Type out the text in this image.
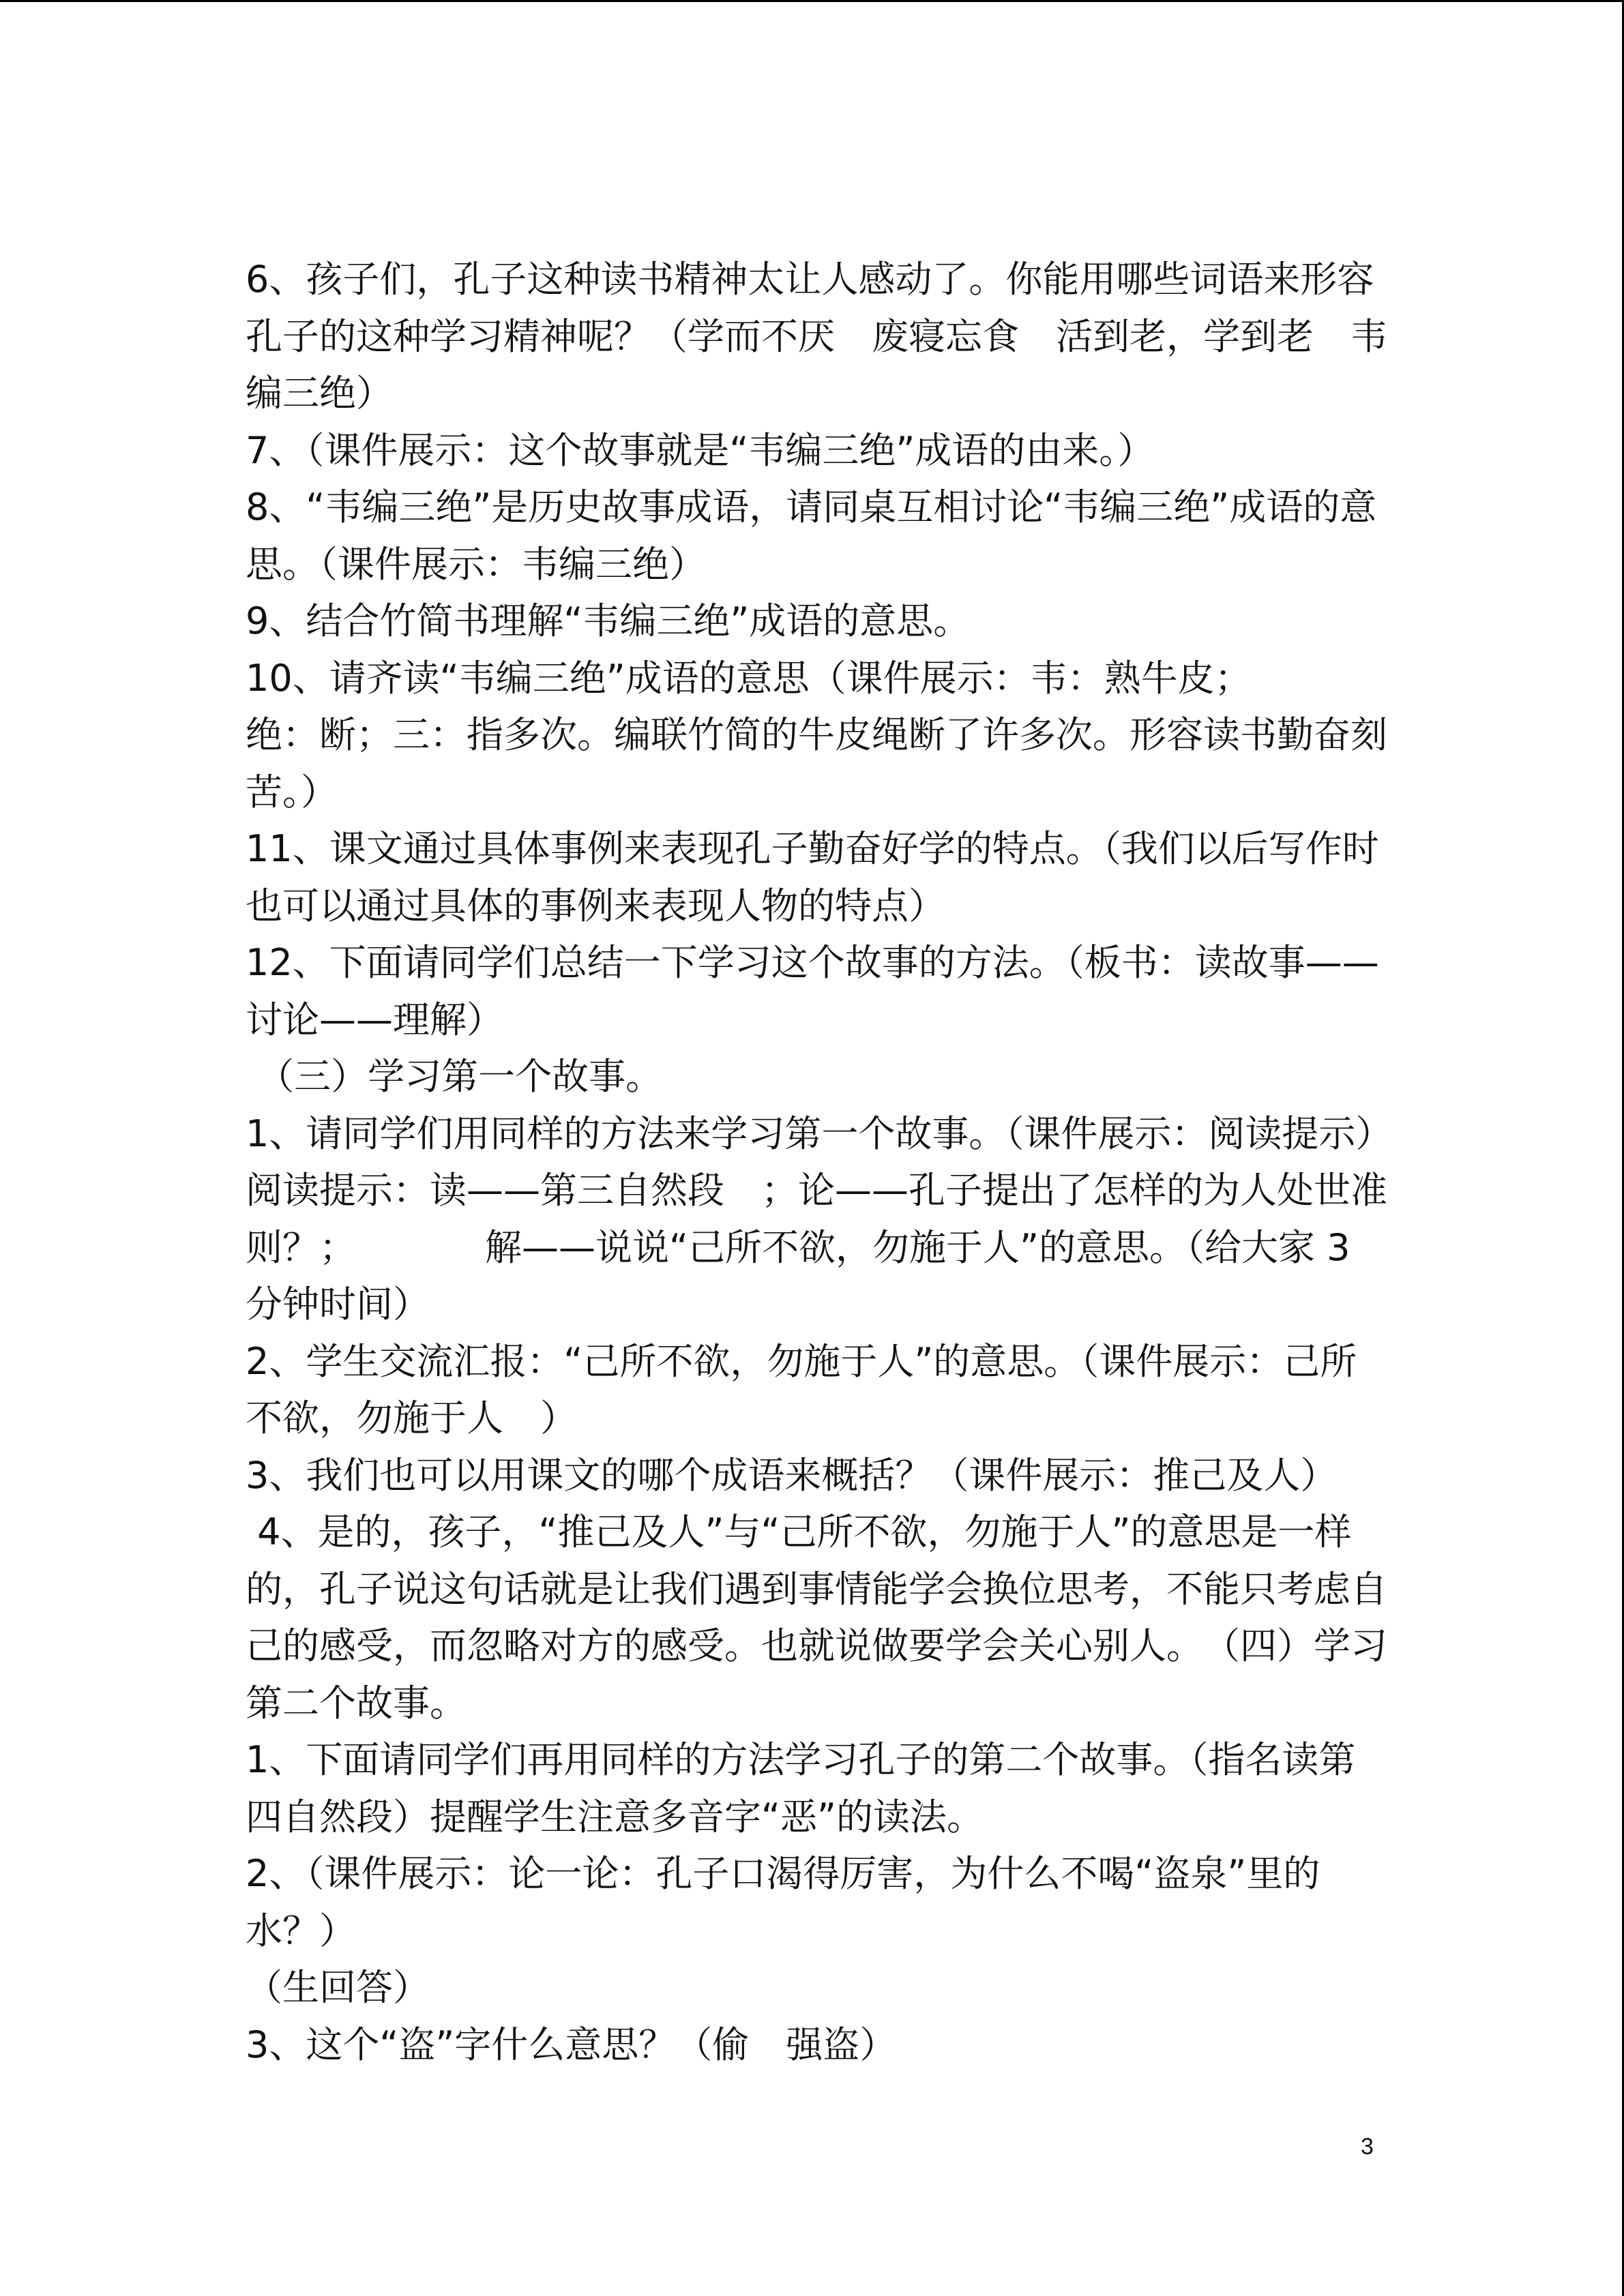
6、孩子们，孔子这种读书精神太让人感动了。你能用哪些词语来形容孔子的这种学习精神呢？（学而不厌　废寝忘食　活到老，学到老　韦编三绝）

7、（课件展示：这个故事就是“韦编三绝”成语的由来。）

8、“韦编三绝”是历史故事成语，请同桌互相讨论“韦编三绝”成语的意思。（课件展示：韦编三绝）

9、结合竹简书理解“韦编三绝”成语的意思。

10、请齐读“韦编三绝”成语的意思（课件展示：韦：熟牛皮；
绝：断；三：指多次。编联竹简的牛皮绳断了许多次。形容读书勤奋刻苦。）

11、课文通过具体事例来表现孔子勤奋好学的特点。（我们以后写作时也可以通过具体的事例来表现人物的特点）

12、下面请同学们总结一下学习这个故事的方法。（板书：读故事——讨论——理解）

（三）学习第一个故事。

1、请同学们用同样的方法来学习第一个故事。（课件展示：阅读提示）　阅读提示：读——第三自然段　；论——孔子提出了怎样的为人处世准则？；　　　　解——说说“己所不欲，勿施于人”的意思。（给大家 3 分钟时间）

2、学生交流汇报：“己所不欲，勿施于人”的意思。（课件展示：己所不欲，勿施于人　）

3、我们也可以用课文的哪个成语来概括？（课件展示：推己及人）

4、是的，孩子，“推己及人”与“己所不欲，勿施于人”的意思是一样的，孔子说这句话就是让我们遇到事情能学会换位思考，不能只考虑自己的感受，而忽略对方的感受。也就说做要学会关心别人。　（四）学习第二个故事。

1、下面请同学们再用同样的方法学习孔子的第二个故事。（指名读第四自然段）提醒学生注意多音字“恶”的读法。

2、（课件展示：论一论：孔子口渴得厉害，为什么不喝“盗泉”里的水？）

（生回答）

3、这个“盗”字什么意思？（偷　强盗）

3
